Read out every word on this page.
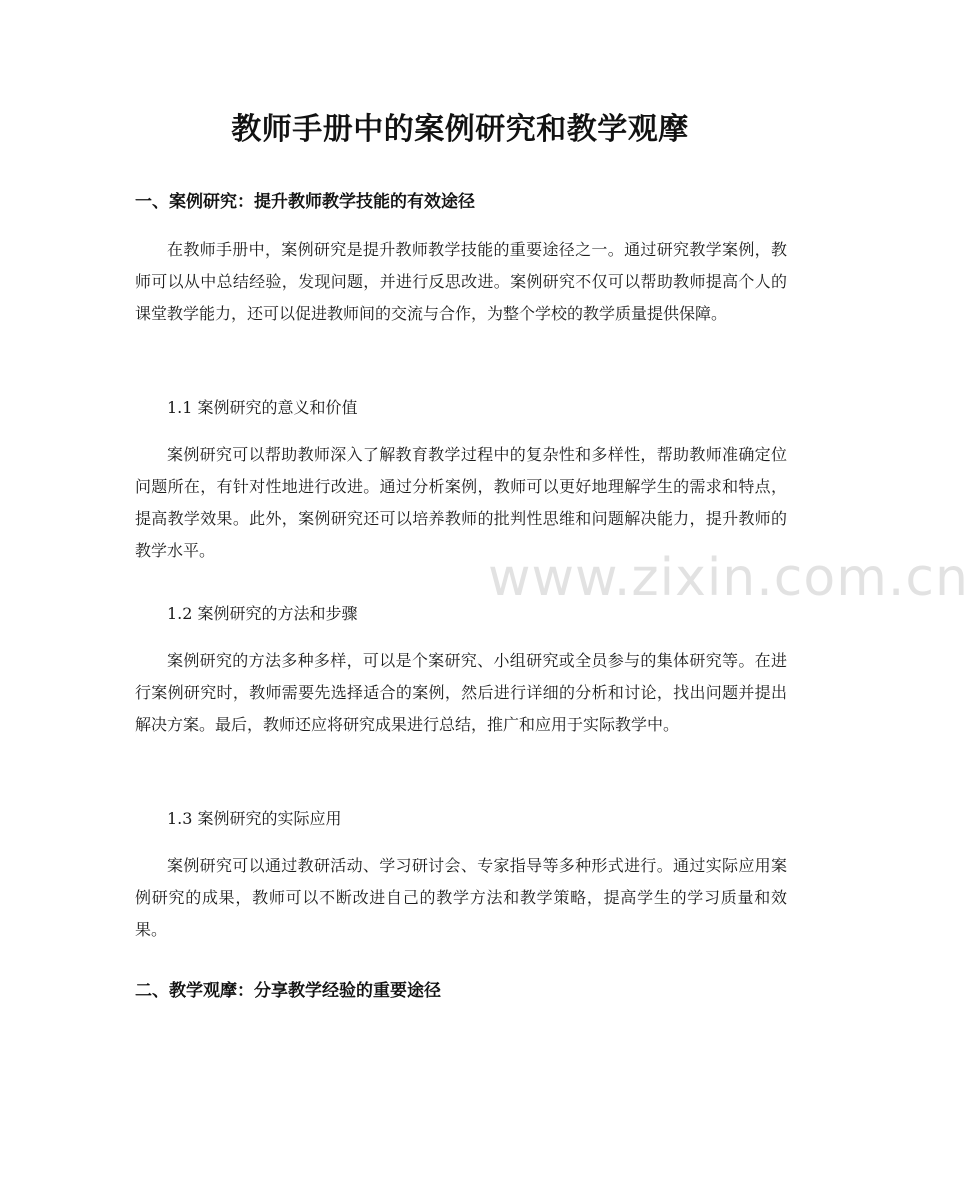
教师手册中的案例研究和教学观摩
一、案例研究：提升教师教学技能的有效途径
在教师手册中，案例研究是提升教师教学技能的重要途径之一。通过研究教学案例，教师可以从中总结经验，发现问题，并进行反思改进。案例研究不仅可以帮助教师提高个人的课堂教学能力，还可以促进教师间的交流与合作，为整个学校的教学质量提供保障。
1.1 案例研究的意义和价值
案例研究可以帮助教师深入了解教育教学过程中的复杂性和多样性，帮助教师准确定位问题所在，有针对性地进行改进。通过分析案例，教师可以更好地理解学生的需求和特点，提高教学效果。此外，案例研究还可以培养教师的批判性思维和问题解决能力，提升教师的教学水平。
1.2 案例研究的方法和步骤
案例研究的方法多种多样，可以是个案研究、小组研究或全员参与的集体研究等。在进行案例研究时，教师需要先选择适合的案例，然后进行详细的分析和讨论，找出问题并提出解决方案。最后，教师还应将研究成果进行总结，推广和应用于实际教学中。
1.3 案例研究的实际应用
案例研究可以通过教研活动、学习研讨会、专家指导等多种形式进行。通过实际应用案例研究的成果，教师可以不断改进自己的教学方法和教学策略，提高学生的学习质量和效果。
二、教学观摩：分享教学经验的重要途径
www.zixin.com.cn
